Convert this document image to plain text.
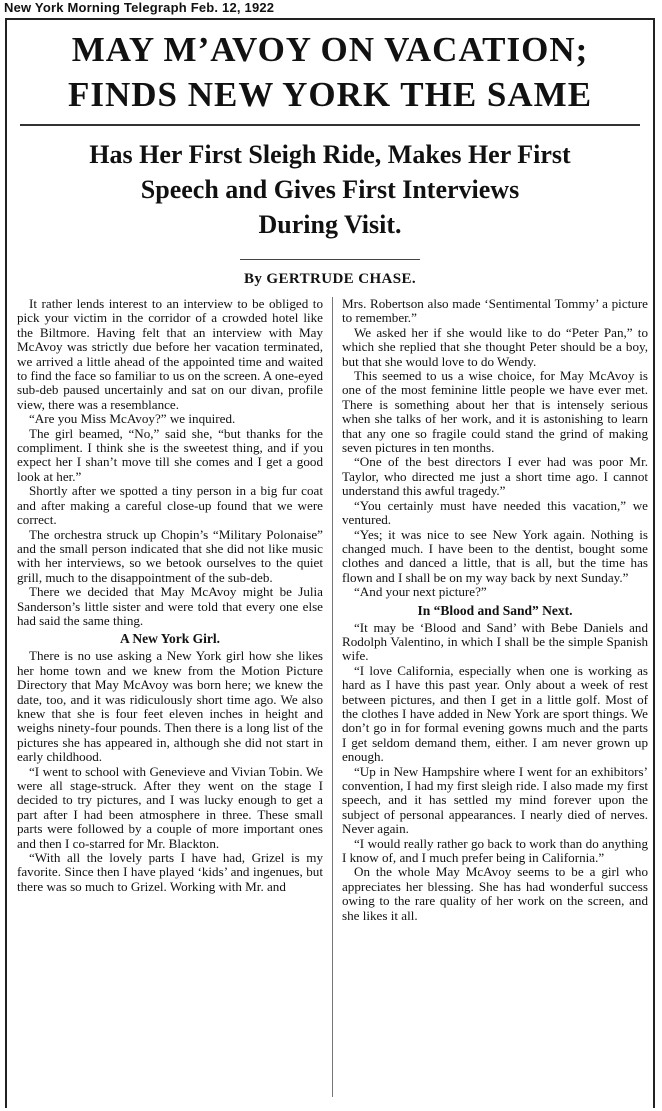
New York Morning Telegraph Feb. 12, 1922
MAY M’AVOY ON VACATION;
FINDS NEW YORK THE SAME
Has Her First Sleigh Ride, Makes Her First
Speech and Gives First Interviews
During Visit.
By GERTRUDE CHASE.

It rather lends interest to an interview to be obliged to pick your victim in the corridor of a crowded hotel like the Biltmore. Having felt that an interview with May McAvoy was strictly due before her vacation terminated, we arrived a little ahead of the appointed time and waited to find the face so familiar to us on the screen. A one-eyed sub-deb paused uncertainly and sat on our divan, profile view, there was a resemblance.

“Are you Miss McAvoy?” we inquired.

The girl beamed, “No,” said she, “but thanks for the compliment. I think she is the sweetest thing, and if you expect her I shan’t move till she comes and I get a good look at her.”

Shortly after we spotted a tiny person in a big fur coat and after making a careful close-up found that we were correct.

The orchestra struck up Chopin’s “Military Polonaise” and the small person indicated that she did not like music with her interviews, so we betook ourselves to the quiet grill, much to the disappointment of the sub-deb.

There we decided that May McAvoy might be Julia Sanderson’s little sister and were told that every one else had said the same thing.

A New York Girl.

There is no use asking a New York girl how she likes her home town and we knew from the Motion Picture Directory that May McAvoy was born here; we knew the date, too, and it was ridiculously short time ago. We also knew that she is four feet eleven inches in height and weighs ninety-four pounds. Then there is a long list of the pictures she has appeared in, although she did not start in early childhood.

“I went to school with Genevieve and Vivian Tobin. We were all stage-struck. After they went on the stage I decided to try pictures, and I was lucky enough to get a part after I had been atmosphere in three. These small parts were followed by a couple of more important ones and then I co-starred for Mr. Blackton.

“With all the lovely parts I have had, Grizel is my favorite. Since then I have played ‘kids’ and ingenues, but there was so much to Grizel. Working with Mr. and

Mrs. Robertson also made ‘Sentimental Tommy’ a picture to remember.”

We asked her if she would like to do “Peter Pan,” to which she replied that she thought Peter should be a boy, but that she would love to do Wendy.

This seemed to us a wise choice, for May McAvoy is one of the most feminine little people we have ever met. There is something about her that is intensely serious when she talks of her work, and it is astonishing to learn that any one so fragile could stand the grind of making seven pictures in ten months.

“One of the best directors I ever had was poor Mr. Taylor, who directed me just a short time ago. I cannot understand this awful tragedy.”

“You certainly must have needed this vacation,” we ventured.

“Yes; it was nice to see New York again. Nothing is changed much. I have been to the dentist, bought some clothes and danced a little, that is all, but the time has flown and I shall be on my way back by next Sunday.”

“And your next picture?”

In “Blood and Sand” Next.

“It may be ‘Blood and Sand’ with Bebe Daniels and Rodolph Valentino, in which I shall be the simple Spanish wife.

“I love California, especially when one is working as hard as I have this past year. Only about a week of rest between pictures, and then I get in a little golf. Most of the clothes I have added in New York are sport things. We don’t go in for formal evening gowns much and the parts I get seldom demand them, either. I am never grown up enough.

“Up in New Hampshire where I went for an exhibitors’ convention, I had my first sleigh ride. I also made my first speech, and it has settled my mind forever upon the subject of personal appearances. I nearly died of nerves. Never again.

“I would really rather go back to work than do anything I know of, and I much prefer being in California.”

On the whole May McAvoy seems to be a girl who appreciates her blessing. She has had wonderful success owing to the rare quality of her work on the screen, and she likes it all.
